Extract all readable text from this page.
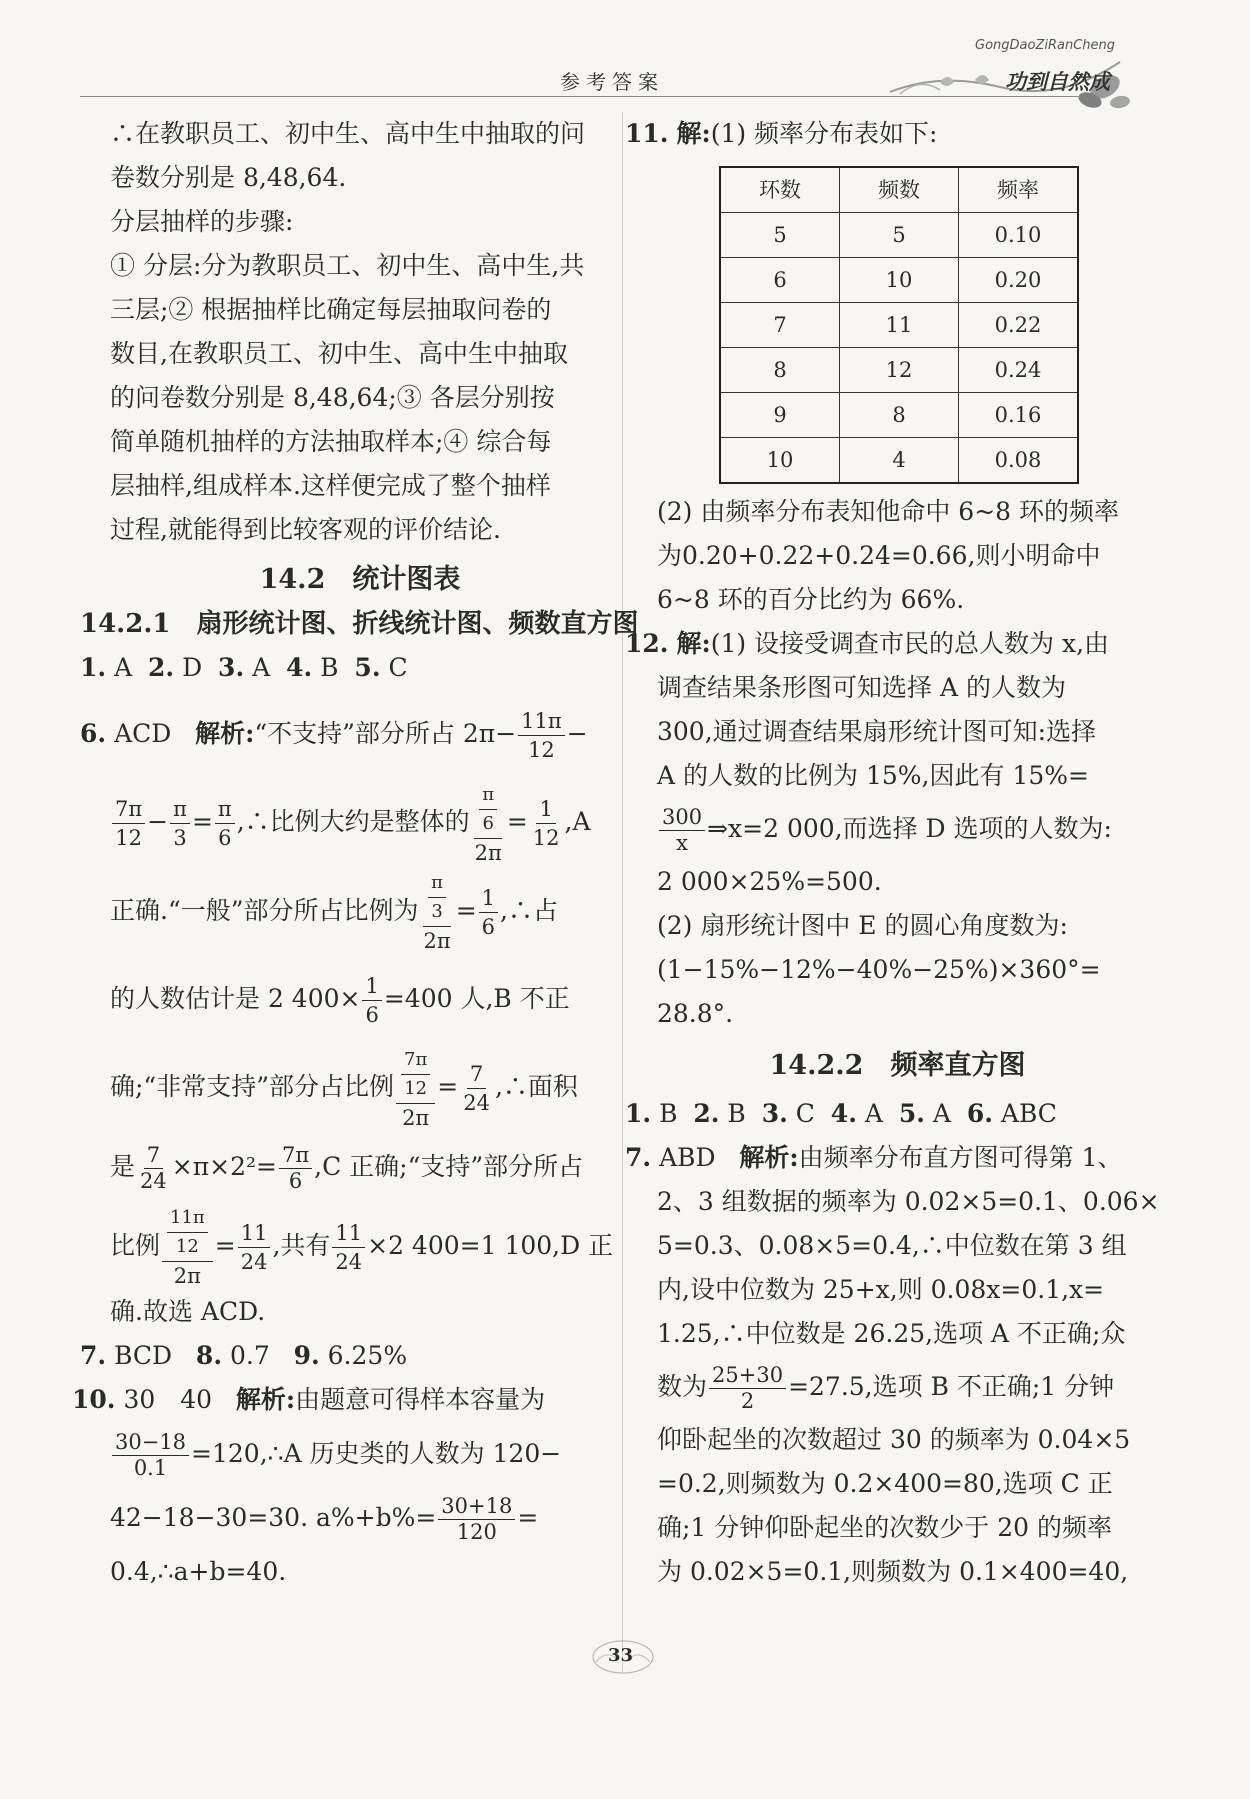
GongDaoZiRanCheng
功到自然成
参考答案

∴在教职员工、初中生、高中生中抽取的问

卷数分别是 8,48,64.

分层抽样的步骤:

① 分层:分为教职员工、初中生、高中生,共

三层;② 根据抽样比确定每层抽取问卷的

数目,在教职员工、初中生、高中生中抽取

的问卷数分别是 8,48,64;③ 各层分别按

简单随机抽样的方法抽取样本;④ 综合每

层抽样,组成样本.这样便完成了整个抽样

过程,就能得到比较客观的评价结论.

14.2　统计图表

14.2.1　扇形统计图、折线统计图、频数直方图

1. A 2. D 3. A 4. B 5. C

6. ACD 解析:“不支持”部分所占 $2\pi- \frac{11\pi}{12}$ −

$\frac{7\pi}{12} - \frac{\pi}{3} = \frac{\pi}{6}$ ,∴比例大约是整体的 $\frac{\frac{\pi}{6}}{2\pi} = \frac{1}{12} ,A$

正确.“一般”部分所占比例为 $\frac{\frac{\pi}{3}}{2\pi} = \frac{1}{6}$ ,∴占

的人数估计是 2 $400\times \frac{1}{6} =400$ 人,B 不正

确;“非常支持”部分占比例 $\frac{\frac{7\pi}{12}}{2\pi} = \frac{7}{24}$ ,∴面积

是 $\frac{7}{24} \times\pi\times 2^2= \frac{7\pi}{6} ,C$ 正确;“支持”部分所占

比例 $\frac{\frac{11\pi}{12}}{2\pi} = \frac{11}{24}$ ,共有 $\frac{11}{24} \times 2$ 400=1 100,D 正

确.故选 ACD.

7. BCD 8. 0.7 9. 6.25%

10. 30　40 解析:由题意可得样本容量为

$\frac{30-18}{0.1}$ =120,∴A 历史类的人数为 120−

42−18−30=30. $a\%+b\%= \frac{30+18}{120}$ =

0.4,∴a+b=40.

11. 解:(1) 频率分布表如下:

环数	频数	频率
5	5	0.10
6	10	0.20
7	11	0.22
8	12	0.24
9	8	0.16
10	4	0.08

(2) 由频率分布表知他命中 6~8 环的频率

为0.20+0.22+0.24=0.66,则小明命中

6~8 环的百分比约为 66%.

12. 解:(1) 设接受调查市民的总人数为 x,由

调查结果条形图可知选择 A 的人数为

300,通过调查结果扇形统计图可知:选择

A 的人数的比例为 15%,因此有 15%=

$\frac{300}{x}$ ⇒x=2 000,而选择 D 选项的人数为:

2 000×25%=500.

(2) 扇形统计图中 E 的圆心角度数为:

(1−15%−12%−40%−25%)×360°=

28.8°.

14.2.2　频率直方图

1. B 2. B 3. C 4. A 5. A 6. ABC

7. ABD 解析:由频率分布直方图可得第 1、

2、3 组数据的频率为 0.02×5=0.1、0.06×

5=0.3、0.08×5=0.4,∴中位数在第 3 组

内,设中位数为 25+x,则 0.08x=0.1,x=

1.25,∴中位数是 26.25,选项 A 不正确;众

数为 $\frac{25+30}{2} =27.5$,选项 B 不正确;1 分钟

仰卧起坐的次数超过 30 的频率为 0.04×5

=0.2,则频数为 0.2×400=80,选项 C 正

确;1 分钟仰卧起坐的次数少于 20 的频率

为 0.02×5=0.1,则频数为 0.1×400=40,

33
